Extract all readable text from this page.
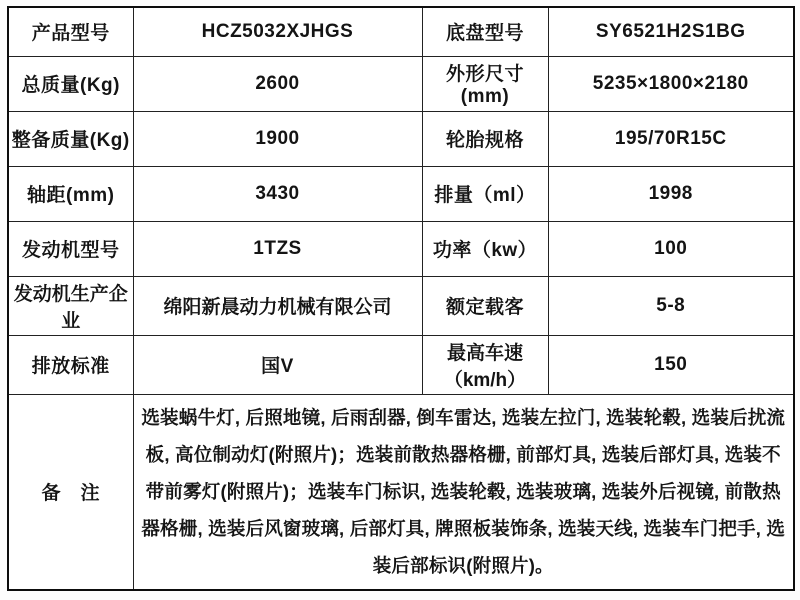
产品型号	HCZ5032XJHGS	底盘型号	SY6521H2S1BG
总质量(Kg)	2600	外形尺寸(mm)	5235×1800×2180
整备质量(Kg)	1900	轮胎规格	195/70R15C
轴距(mm)	3430	排量（ml）	1998
发动机型号	1TZS	功率（kw）	100
发动机生产企业	绵阳新晨动力机械有限公司	额定载客	5-8
排放标准	国V	最高车速（km/h）	150
备　注	选装蜗牛灯, 后照地镜, 后雨刮器, 倒车雷达, 选装左拉门, 选装轮毂, 选装后扰流
板, 高位制动灯(附照片)；选装前散热器格栅, 前部灯具, 选装后部灯具, 选装不
带前雾灯(附照片)；选装车门标识, 选装轮毂, 选装玻璃, 选装外后视镜, 前散热
器格栅, 选装后风窗玻璃, 后部灯具, 牌照板装饰条, 选装天线, 选装车门把手, 选
装后部标识(附照片)。		
